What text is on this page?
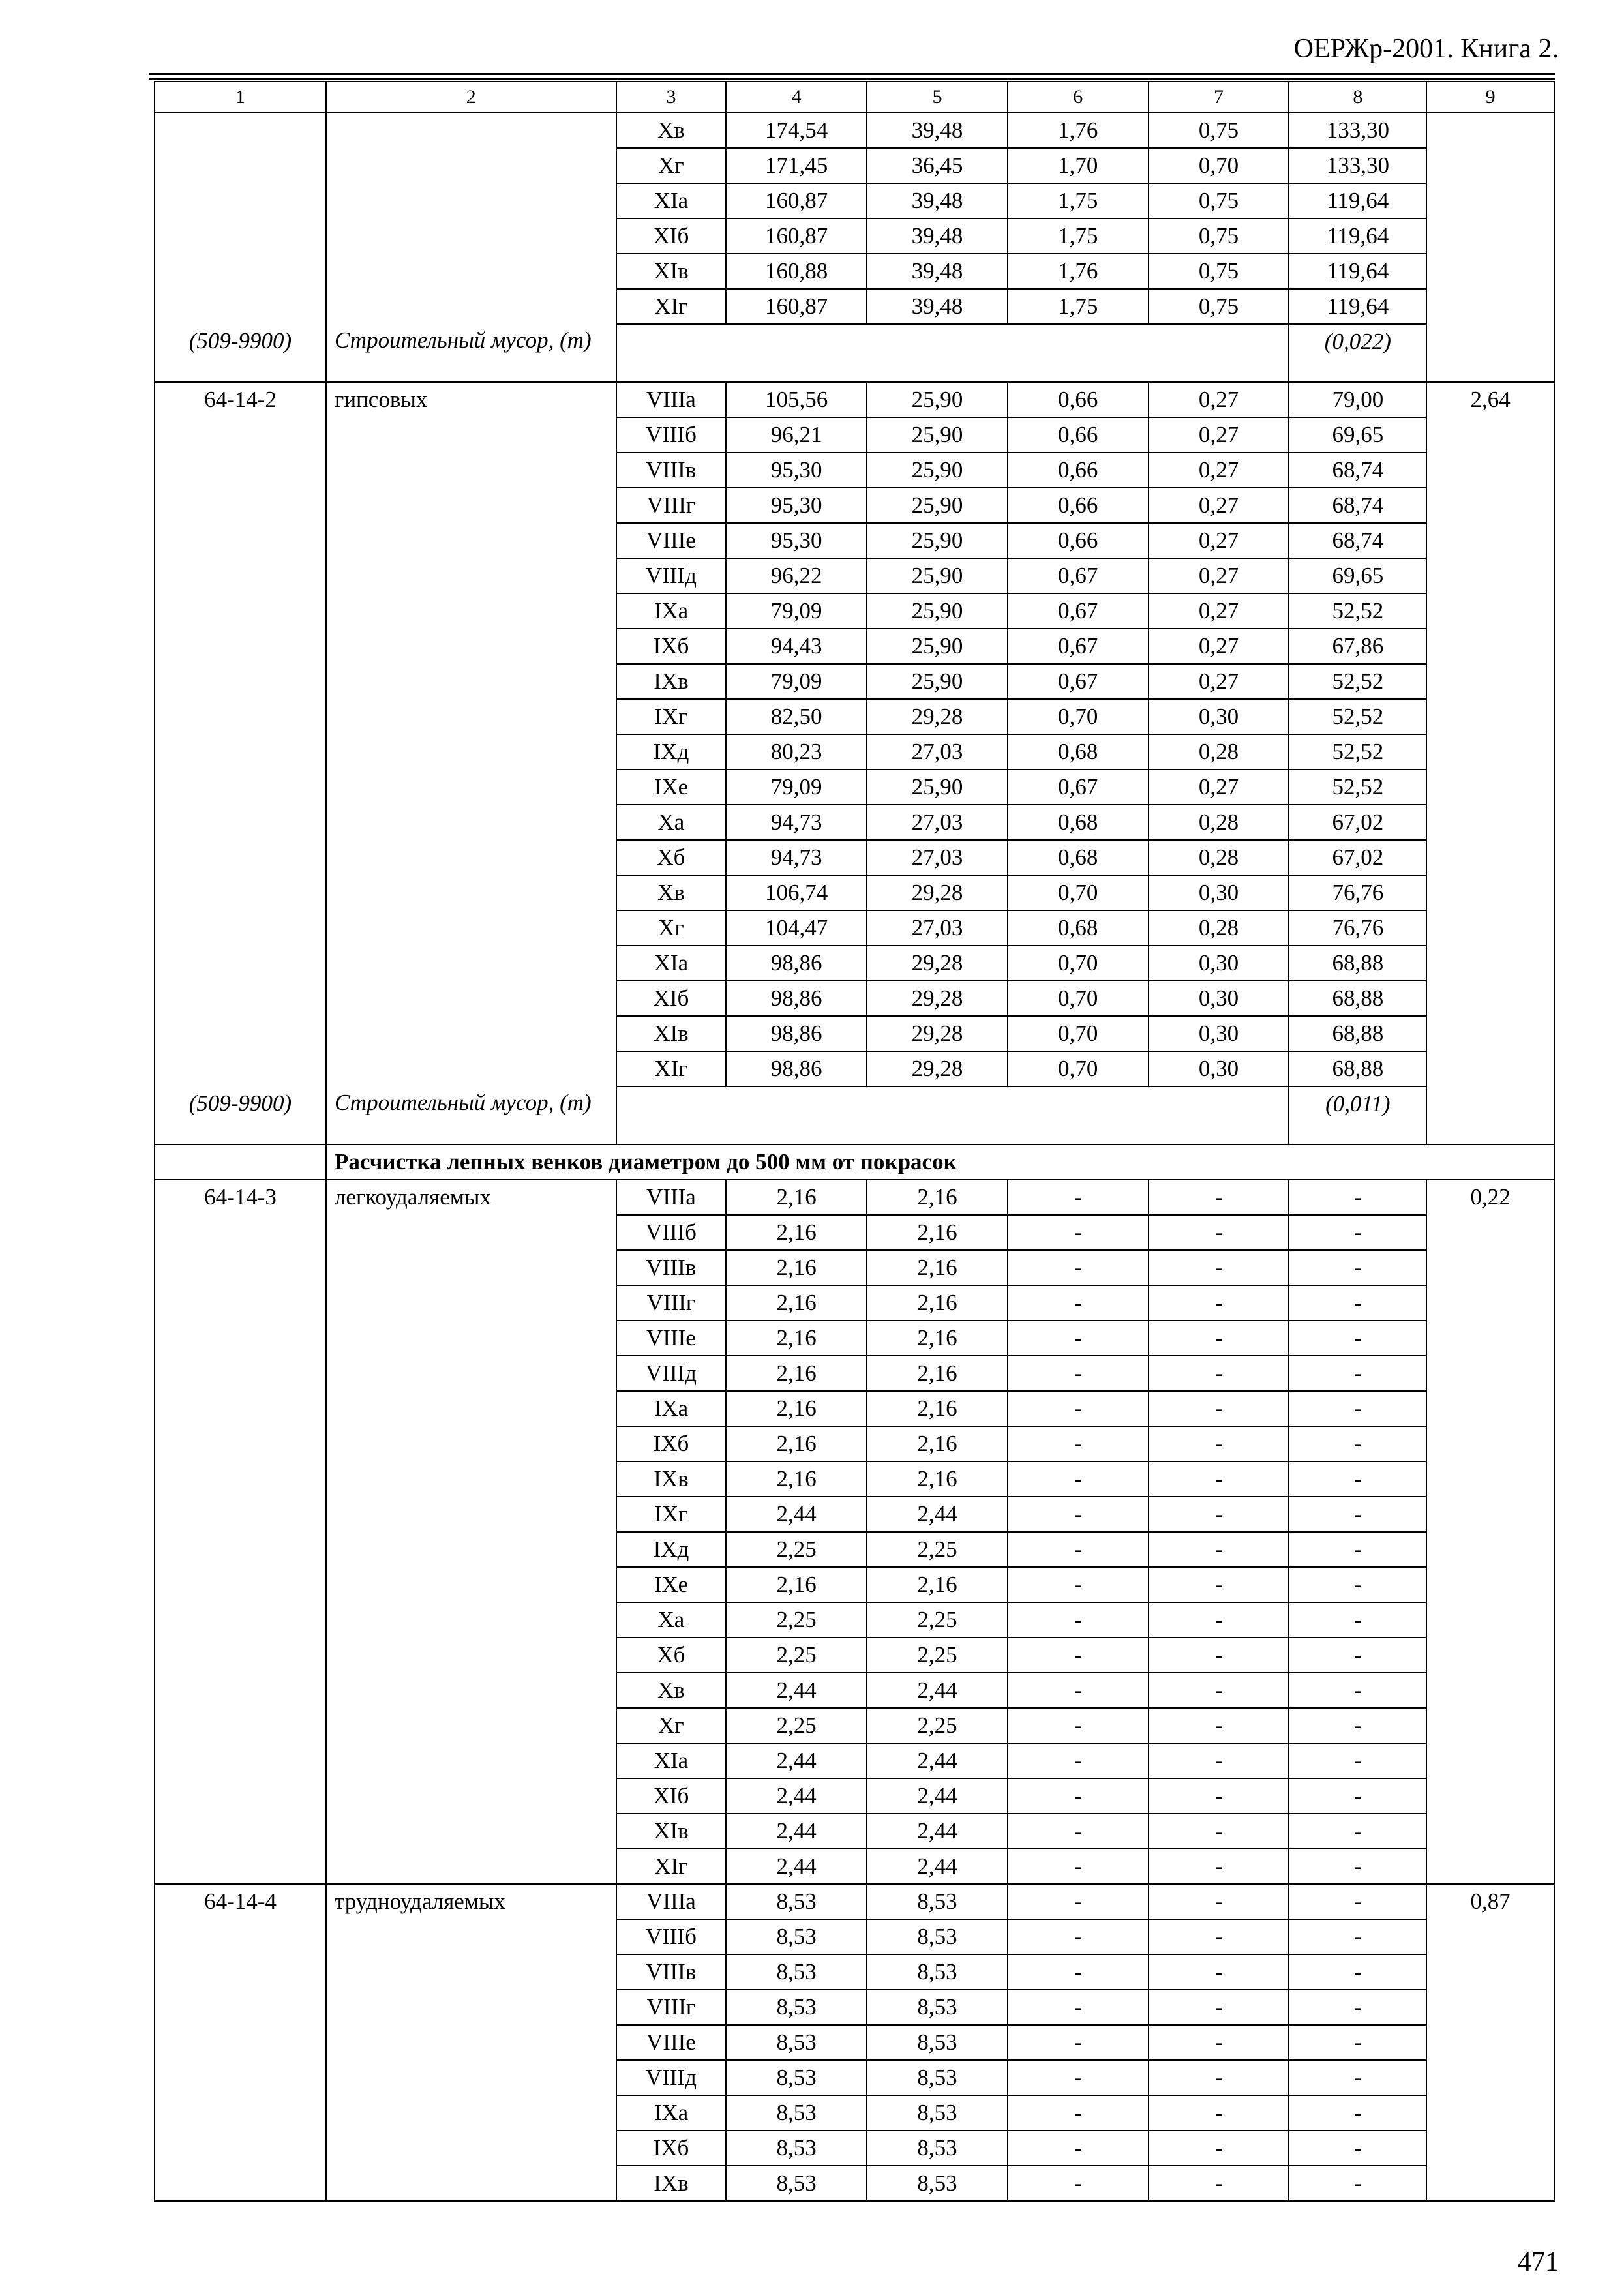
ОЕРЖр-2001. Книга 2.
1	2	3	4	5	6	7	8	9
		Хв	174,54	39,48	1,76	0,75	133,30	
		Хг	171,45	36,45	1,70	0,70	133,30	
		ХIа	160,87	39,48	1,75	0,75	119,64	
		ХIб	160,87	39,48	1,75	0,75	119,64	
		ХIв	160,88	39,48	1,76	0,75	119,64	
		ХIг	160,87	39,48	1,75	0,75	119,64	
(509-9900)	Строительный мусор, (т)						(0,022)	
64-14-2	гипсовых	VIIIа	105,56	25,90	0,66	0,27	79,00	2,64
		VIIIб	96,21	25,90	0,66	0,27	69,65	
		VIIIв	95,30	25,90	0,66	0,27	68,74	
		VIIIг	95,30	25,90	0,66	0,27	68,74	
		VIIIе	95,30	25,90	0,66	0,27	68,74	
		VIIIд	96,22	25,90	0,67	0,27	69,65	
		IХа	79,09	25,90	0,67	0,27	52,52	
		IХб	94,43	25,90	0,67	0,27	67,86	
		IХв	79,09	25,90	0,67	0,27	52,52	
		IХг	82,50	29,28	0,70	0,30	52,52	
		IХд	80,23	27,03	0,68	0,28	52,52	
		IХе	79,09	25,90	0,67	0,27	52,52	
		Ха	94,73	27,03	0,68	0,28	67,02	
		Хб	94,73	27,03	0,68	0,28	67,02	
		Хв	106,74	29,28	0,70	0,30	76,76	
		Хг	104,47	27,03	0,68	0,28	76,76	
		ХIа	98,86	29,28	0,70	0,30	68,88	
		ХIб	98,86	29,28	0,70	0,30	68,88	
		ХIв	98,86	29,28	0,70	0,30	68,88	
		ХIг	98,86	29,28	0,70	0,30	68,88	
(509-9900)	Строительный мусор, (т)						(0,011)	
	Расчистка лепных венков диаметром до 500 мм от покрасок							
64-14-3	легкоудаляемых	VIIIа	2,16	2,16	-	-	-	0,22
		VIIIб	2,16	2,16	-	-	-	
		VIIIв	2,16	2,16	-	-	-	
		VIIIг	2,16	2,16	-	-	-	
		VIIIе	2,16	2,16	-	-	-	
		VIIIд	2,16	2,16	-	-	-	
		IХа	2,16	2,16	-	-	-	
		IХб	2,16	2,16	-	-	-	
		IХв	2,16	2,16	-	-	-	
		IХг	2,44	2,44	-	-	-	
		IХд	2,25	2,25	-	-	-	
		IХе	2,16	2,16	-	-	-	
		Ха	2,25	2,25	-	-	-	
		Хб	2,25	2,25	-	-	-	
		Хв	2,44	2,44	-	-	-	
		Хг	2,25	2,25	-	-	-	
		ХIа	2,44	2,44	-	-	-	
		ХIб	2,44	2,44	-	-	-	
		ХIв	2,44	2,44	-	-	-	
		ХIг	2,44	2,44	-	-	-	
64-14-4	трудноудаляемых	VIIIа	8,53	8,53	-	-	-	0,87
		VIIIб	8,53	8,53	-	-	-	
		VIIIв	8,53	8,53	-	-	-	
		VIIIг	8,53	8,53	-	-	-	
		VIIIе	8,53	8,53	-	-	-	
		VIIIд	8,53	8,53	-	-	-	
		IХа	8,53	8,53	-	-	-	
		IХб	8,53	8,53	-	-	-	
		IХв	8,53	8,53	-	-	-	
471
